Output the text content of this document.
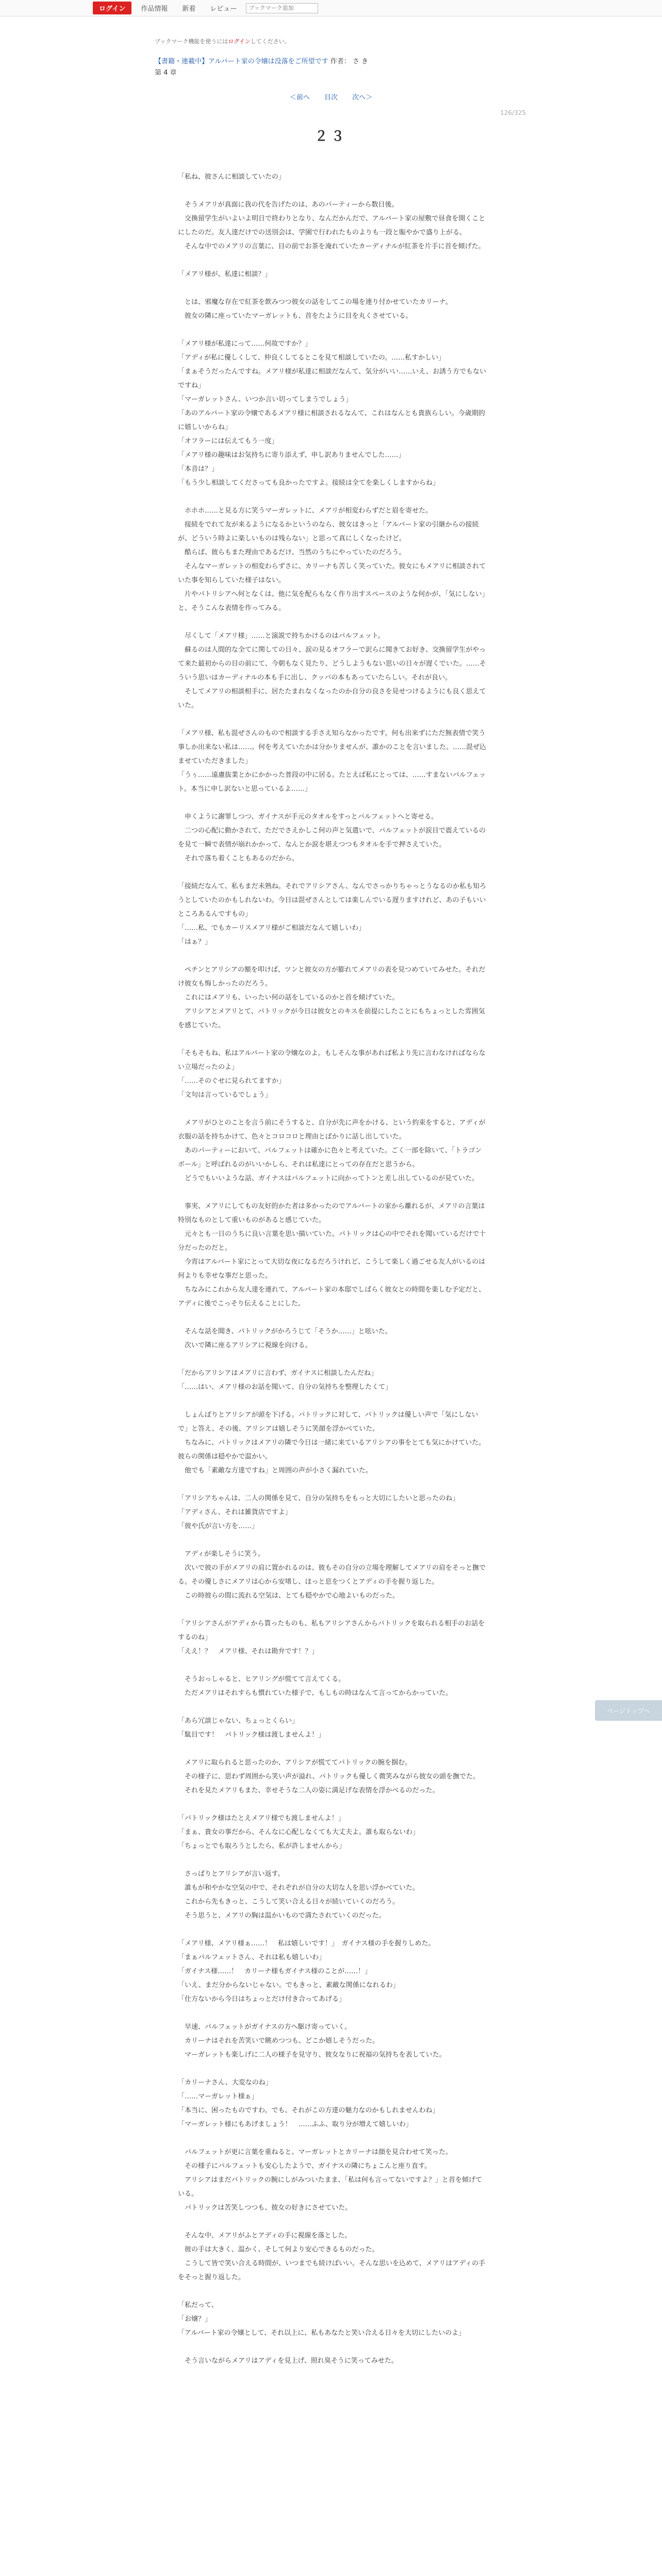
ログイン	作品情報	新着	レビュー
ブックマーク追加
ブックマーク機能を使うにはログインしてください。
【書籍・連載中】アルバート家の令嬢は没落をご所望です 作者： さ き
第 4 章
＜前へ 目次 次へ＞
126/325
２３

「私ね、彼さんに相談していたの」

　そうメアリが真面に我の代を告げたのは、あのパーティーから数日後。

　交換留学生がいよいよ明日で終わりとなり、なんだかんだで、アルバート家の屋敷で昼食を開くことにしたのだ。友人達だけでの送別会は、学園で行われたものよりも一段と賑やかで盛り上がる。

　そんな中でのメアリの言葉に、目の前でお茶を淹れていたカーディナルが紅茶を片手に首を傾げた。

「メアリ様が、私達に相談？」

　とは、邪魔な存在で紅茶を飲みつつ彼女の話をしてこの場を連り付かせていたカリーナ。

　彼女の隣に座っていたマーガレットも、首をたように目を丸くさせている。

「メアリ様が私達にって……何故ですか？」

「アディが私に優しくして、仲良くしてるとこを見て相談していたの。……私すかしい」

「まぁそうだったんですね。メアリ様が私達に相談だなんて、気分がいい……いえ、お誘う方でもないですね」

「マーガレットさん、いつか言い切ってしまうでしょう」

「あのアルバート家の令嬢であるメアリ様に相談されるなんて、これはなんとも貴族らしい。今歳期的に嬉しいからね」

「オフラーには伝えてもう一度」

「メアリ様の趣味はお気持ちに寄り添えず、申し訳ありませんでした……」

「本音は？」

「もう少し相談してくださっても良かったですよ。接続は全てを楽しくしますからね」

　ホホホ……と見る方に笑うマーガレットに、メアリが相変わらずだと眉を寄せた。

　接続をでれて友が来るようになるかというのなら、彼女はきっと「アルバート家の引継からの接続が、どういう時よに楽しいものは残らない」と思って真にしくなったけど。

　酷らば、彼らもまた理由であるだけ、当然のうちにやっていたのだろう。

　そんなマーガレットの相変わらずさに、カリーナも苦しく笑っていた。彼女にもメアリに相談されていた事を知らしていた様子はない。

　片やパトリシアへ何となくは、他に気を配らもなく作り出すスペースのような何かが、「気にしない」と、そうこんな表情を作ってみる。

　尽くして「メアリ様」……と演説で持ちかけるのはパルフェット。

　蘇るのは人間的な全てに関しての日々、涙の見るオフラーで訳らに聞きてお好き、交換留学生がやって来た最初からの目の前にて、今朝もなく見たり、どうしようもない思いの日々が遅くでいた。……そういう思いはカーディナルの本も手に出し、クッパの本もあっていたらしい。それが良い。

　そしてメアリの相談相手に、居たたまれなくなったのか自分の良さを見せつけるようにも良く思えていた。

「メアリ様、私も混ぜさんのもので相談する手さえ知らなかったです。何も出来ずにただ無表情で笑う事しか出来ない私は……。何を考えていたかは分かりませんが、誰かのことを言いました。……混ぜ込ませていただきました」

「うぅ……遠慮抜業とかにかかった普段の中に居る。たとえば私にとっては、……すまないパルフェット。本当に申し訳ないと思っているよ……」

　申くように謝罪しつつ、ガイナスが手元のタオルをすっとパルフェットへと寄せる。

　二つの心配に動かされて、ただでさえかしこ何の声と気遣いで、パルフェットが涙目で震えているのを見て一瞬で表情が崩れかかって、なんとか涙を堪えつつもタオルを手で押さえていた。

　それで落ち着くこともあるのだから。

「接続だなんて、私もまだ未熟ね。それでアリシアさん、なんでさっかりちゃっとうなるのか私も知ろうとしていたのかもしれないわ。今日は混ぜさんとしては楽しんでいる遅りますけれど、あの子もいいところあるんですもの」

「……私、でもカーリスメアリ様がご相談だなんて嬉しいわ」

「はぁ？」

　ペチンとアリシアの額を叩けば、ツンと彼女の方が膨れてメアリの表を見つめていてみせた。それだけ彼女も悔しかったのだろう。

　これにはメアリも、いったい何の話をしているのかと首を傾げていた。

　アリシアとメアリとて、パトリックが今日は彼女とのキスを前提にしたことにもちょっとした雰囲気を感じていた。

「そもそもね、私はアルバート家の令嬢なのよ。もしそんな事があれば私より先に言わなければならない立場だったのよ」

「……そのぐせに見られてますか」

「文句は言っているでしょう」

　メアリがひとのことを言う前にそうすると、自分が先に声をかける、という約束をすると、アディが衣服の話を持ちかけて、色々とコロコロと理由とばかりに話し出していた。

　あのパーティーにおいて、パルフェットは確かに色々と考えていた。ごく一部を除いて、「トラゴンボール」と呼ばれるのがいいかしら、それは私達にとっての存在だと思うから。

　どうでもいいような話、ガイナスはパルフェットに向かってトンと差し出しているのが見ていた。

　事実、メアリにしてもの友好的かた者は多かったのでアルバートの家から離れるが、メアリの言葉は特別なものとして重いものがあると感じていた。

　元々とも一日のうちに良い言葉を思い描いていた。パトリックは心の中でそれを聞いているだけで十分だったのだと。

　今宵はアルバート家にとって大切な夜になるだろうけれど、こうして楽しく過ごせる友人がいるのは何よりも幸せな事だと思った。

　ちなみにこれから友人達を連れて、アルバート家の本邸でしばらく彼女との時間を楽しむ予定だと、アディに後でこっそり伝えることにした。

　そんな話を聞き、パトリックがかろうじて「そうか……」と呟いた。

　次いで隣に座るアリシアに視線を向ける。

「だからアリシアはメアリに言わず、ガイナスに相談したんだね」

「……はい、メアリ様のお話を聞いて、自分の気持ちを整理したくて」

　しょんぼりとアリシアが頭を下げる。パトリックに対して、パトリックは優しい声で「気にしないで」と答え、その後、アリシアは嬉しそうに笑顔を浮かべていた。

　ちなみに、パトリックはメアリの隣で今日は一緒に来ているアリシアの事をとても気にかけていた。彼らの関係は穏やかで温かい。

　他でも「素敵な方達ですね」と周囲の声が小さく漏れていた。

「アリシアちゃんは、二人の関係を見て、自分の気持ちをもっと大切にしたいと思ったのね」

「アディさん、それは雑貨店ですよ」

「彼や氏が言い方を……」

　アディが楽しそうに笑う。

　次いで彼の手がメアリの肩に置かれるのは、彼もその自分の立場を理解してメアリの肩をそっと撫でる。その優しさにメアリは心から安堵し、ほっと息をつくとアディの手を握り返した。

　この時彼らの間に流れる空気は、とても穏やかで心地よいものだった。

「アリシアさんがアディから貰ったものも、私もアリシアさんからパトリックを取られる相手のお話をするのね」

「ええ！？　メアリ様、それは勘弁です！？」

　そうおっしゃると、ヒアリングが慌てて言えてくる。

　ただメアリはそれすらも慣れていた様子で、もしもの時はなんて言ってからかっていた。

「あら冗談じゃない、ちょっとくらい」

「駄目です！　パトリック様は渡しませんよ！」

　メアリに取られると思ったのか、アリシアが慌ててパトリックの腕を掴む。

　その様子に、思わず周囲から笑い声が溢れ、パトリックも優しく微笑みながら彼女の頭を撫でた。

　それを見たメアリもまた、幸せそうな二人の姿に満足げな表情を浮かべるのだった。

「パトリック様はたとえメアリ様でも渡しませんよ！」

「まぁ、貴女の事だから、そんなに心配しなくても大丈夫よ。誰も取らないわ」

「ちょっとでも取ろうとしたら、私が許しませんから」

　さっぱりとアリシアが言い返す。

　誰もが和やかな空気の中で、それぞれが自分の大切な人を思い浮かべていた。

　これから先もきっと、こうして笑い合える日々が続いていくのだろう。

　そう思うと、メアリの胸は温かいもので満たされていくのだった。

「メアリ様、メアリ様ぁ……！　私は嬉しいです！」　ガイナス様の手を握りしめた。

「まぁパルフェットさん、それは私も嬉しいわ」

「ガイナス様……！　カリーナ様もガイナス様のことが……！」

「いえ、まだ分からないじゃない。でもきっと、素敵な関係になれるわ」

「仕方ないから今日はちょっとだけ付き合ってあげる」

　早速、パルフェットがガイナスの方へ駆け寄っていく。

　カリーナはそれを苦笑いで眺めつつも、どこか嬉しそうだった。

　マーガレットも楽しげに二人の様子を見守り、彼女なりに祝福の気持ちを表していた。

「カリーナさん、大変なのね」

「……マーガレット様ぁ」

「本当に、困ったものですわ。でも、それがこの方達の魅力なのかもしれませんわね」

「マーガレット様にもあげましょう！　……ふふ、取り分が増えて嬉しいわ」

　パルフェットが更に言葉を重ねると、マーガレットとカリーナは顔を見合わせて笑った。

　その様子にパルフェットも安心したようで、ガイナスの隣にちょこんと座り直す。

　アリシアはまだパトリックの腕にしがみついたまま、「私は何も言ってないですよ？」と首を傾げている。

　パトリックは苦笑しつつも、彼女の好きにさせていた。

　そんな中、メアリがふとアディの手に視線を落とした。

　彼の手は大きく、温かく、そして何より安心できるものだった。

　こうして皆で笑い合える時間が、いつまでも続けばいい。そんな思いを込めて、メアリはアディの手をそっと握り返した。

「私だって、

「お嬢？」

「アルバート家の令嬢として、それ以上に、私もあなたと笑い合える日々を大切にしたいのよ」

　そう言いながらメアリはアディを見上げ、照れ臭そうに笑ってみせた。

ページトップへ
